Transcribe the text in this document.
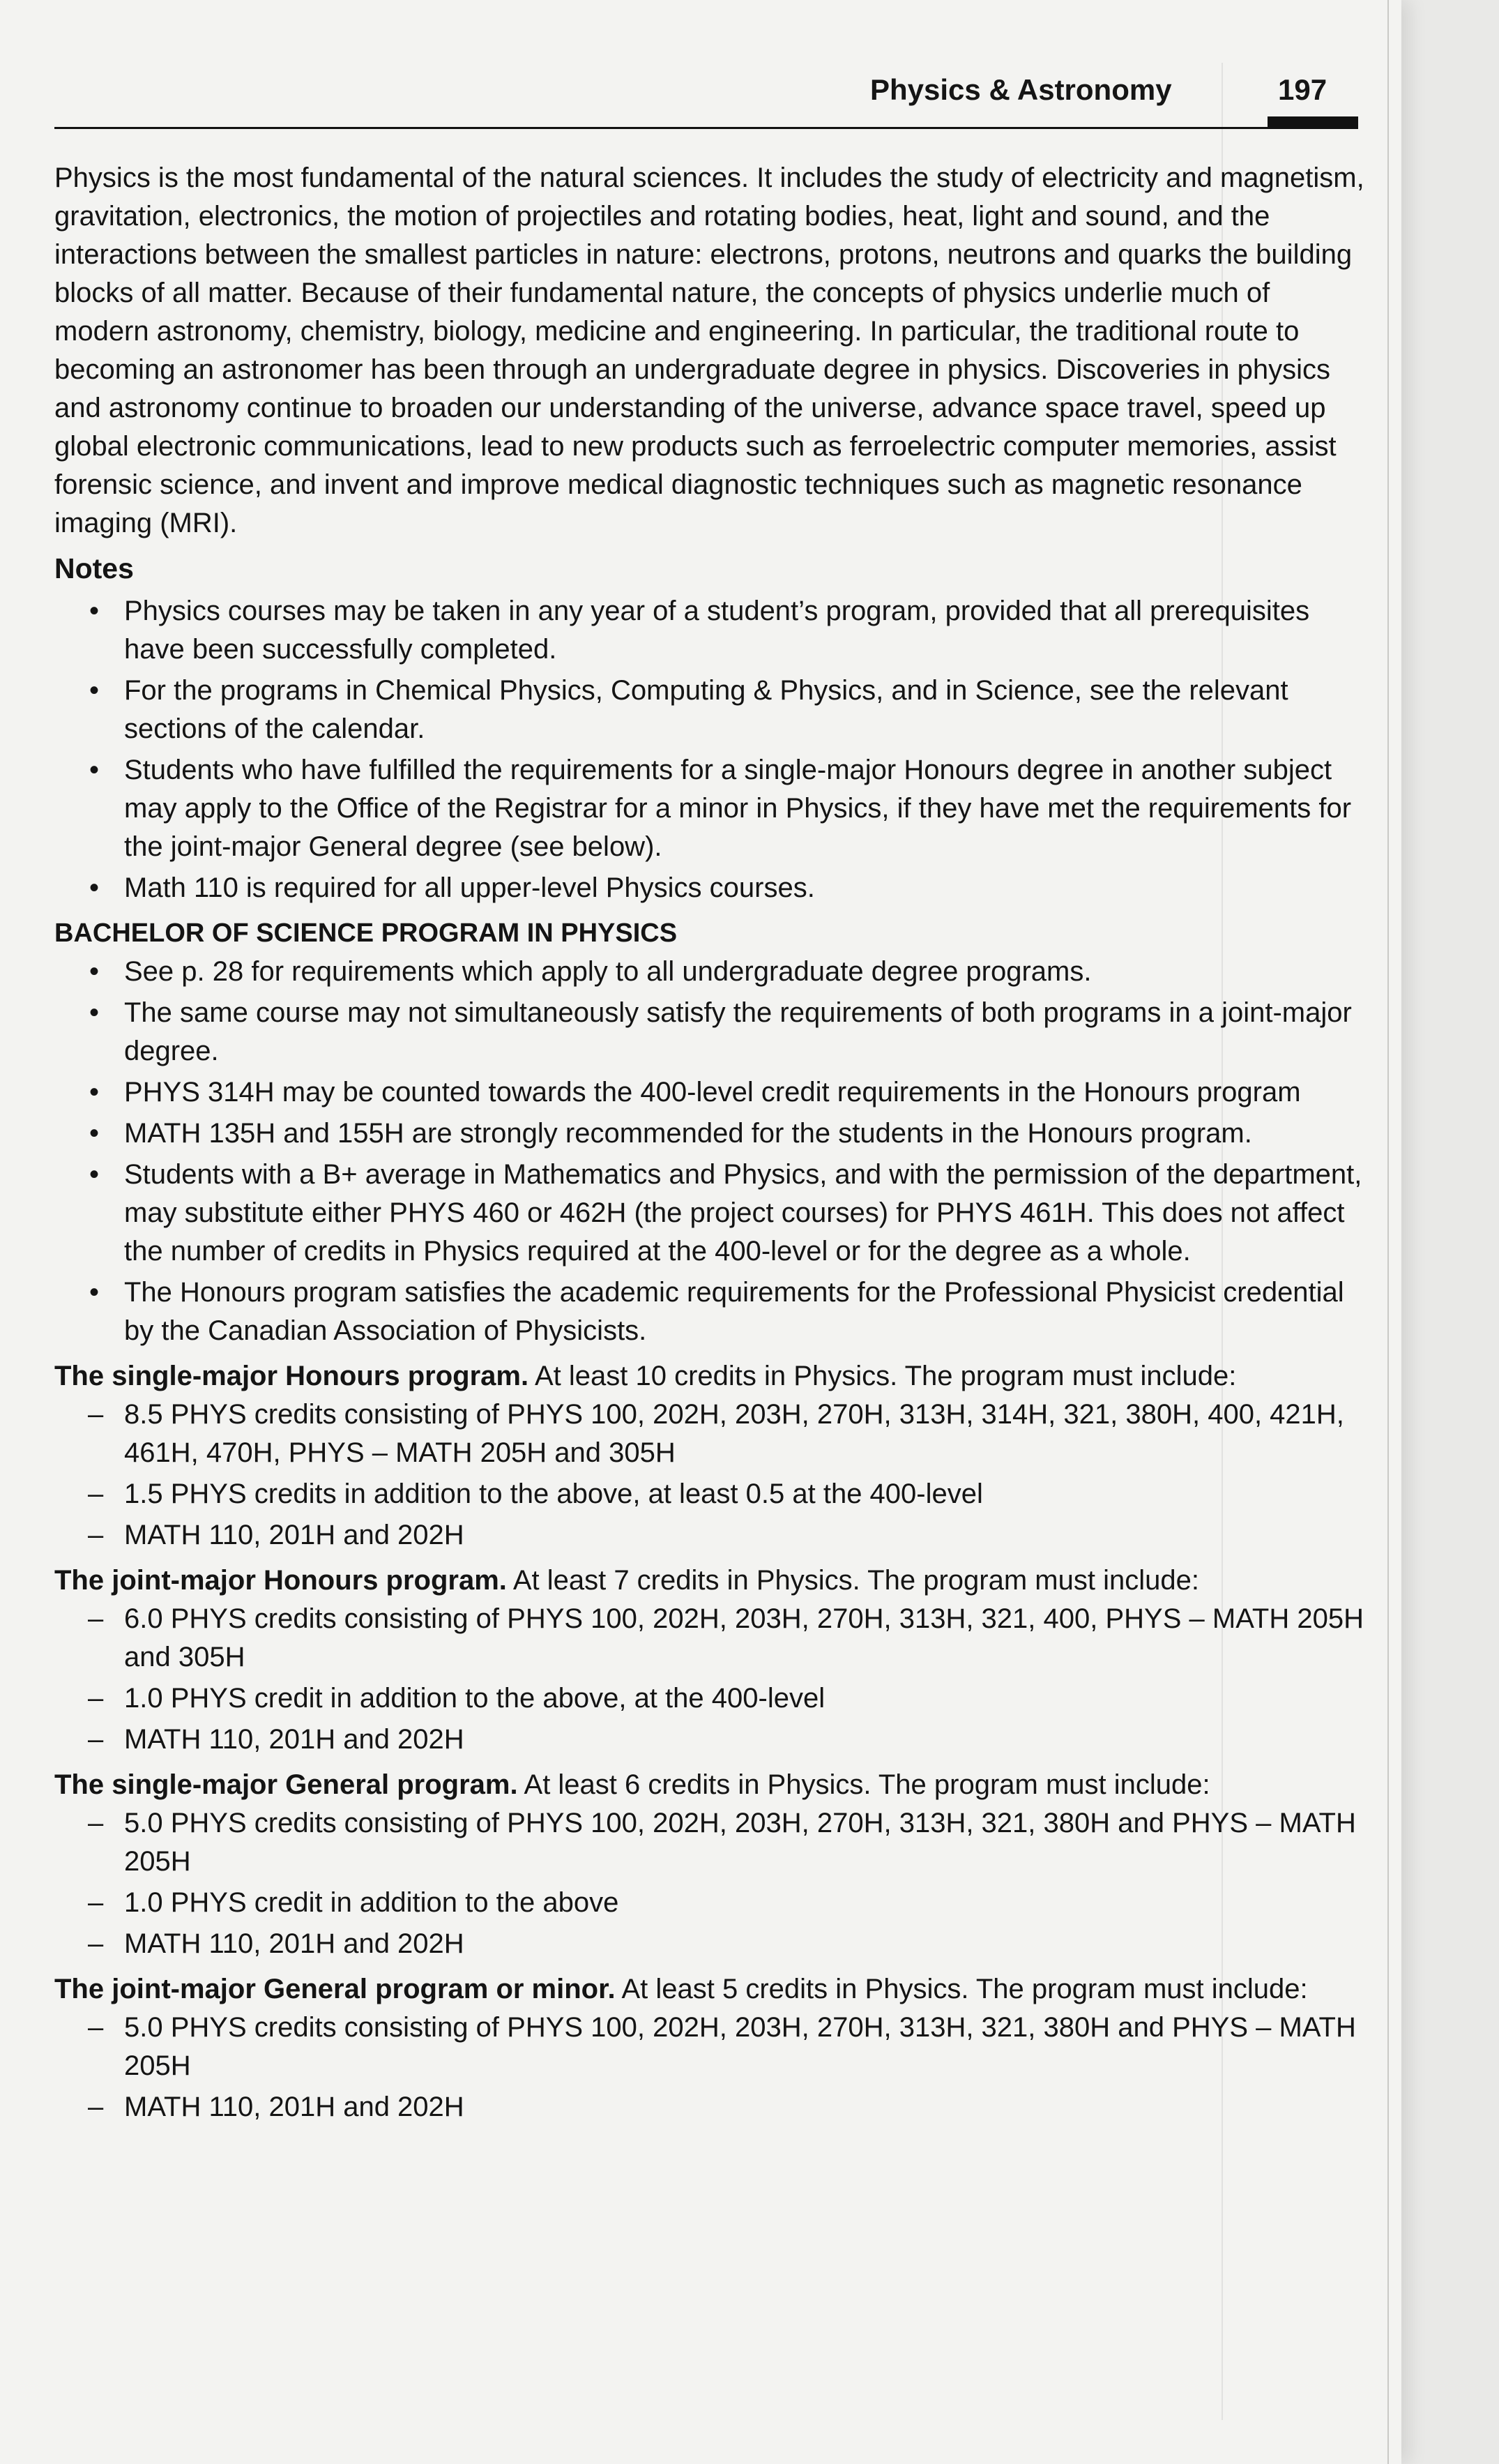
Physics & Astronomy	197

Physics is the most fundamental of the natural sciences. It includes the study of electricity and magnetism, gravitation, electronics, the motion of projectiles and rotating bodies, heat, light and sound, and the interactions between the smallest particles in nature: electrons, protons, neutrons and quarks the building blocks of all matter. Because of their fundamental nature, the concepts of physics underlie much of modern astronomy, chemistry, biology, medicine and engineering. In particular, the traditional route to becoming an astronomer has been through an undergraduate degree in physics. Discoveries in physics and astronomy continue to broaden our understanding of the universe, advance space travel, speed up global electronic communications, lead to new products such as ferroelectric computer memories, assist forensic science, and invent and improve medical diagnostic techniques such as magnetic resonance imaging (MRI).

Notes
• Physics courses may be taken in any year of a student’s program, provided that all prerequisites have been successfully completed.
• For the programs in Chemical Physics, Computing & Physics, and in Science, see the relevant sections of the calendar.
• Students who have fulfilled the requirements for a single-major Honours degree in another subject may apply to the Office of the Registrar for a minor in Physics, if they have met the requirements for the joint-major General degree (see below).
• Math 110 is required for all upper-level Physics courses.
BACHELOR OF SCIENCE PROGRAM IN PHYSICS
• See p. 28 for requirements which apply to all undergraduate degree programs.
• The same course may not simultaneously satisfy the requirements of both programs in a joint-major degree.
• PHYS 314H may be counted towards the 400-level credit requirements in the Honours program
• MATH 135H and 155H are strongly recommended for the students in the Honours program.
• Students with a B+ average in Mathematics and Physics, and with the permission of the department, may substitute either PHYS 460 or 462H (the project courses) for PHYS 461H. This does not affect the number of credits in Physics required at the 400-level or for the degree as a whole.
• The Honours program satisfies the academic requirements for the Professional Physicist credential by the Canadian Association of Physicists.

The single-major Honours program. At least 10 credits in Physics. The program must include:

– 8.5 PHYS credits consisting of PHYS 100, 202H, 203H, 270H, 313H, 314H, 321, 380H, 400, 421H, 461H, 470H, PHYS – MATH 205H and 305H
– 1.5 PHYS credits in addition to the above, at least 0.5 at the 400-level
– MATH 110, 201H and 202H

The joint-major Honours program. At least 7 credits in Physics. The program must include:

– 6.0 PHYS credits consisting of PHYS 100, 202H, 203H, 270H, 313H, 321, 400, PHYS – MATH 205H and 305H
– 1.0 PHYS credit in addition to the above, at the 400-level
– MATH 110, 201H and 202H

The single-major General program. At least 6 credits in Physics. The program must include:

– 5.0 PHYS credits consisting of PHYS 100, 202H, 203H, 270H, 313H, 321, 380H and PHYS – MATH 205H
– 1.0 PHYS credit in addition to the above
– MATH 110, 201H and 202H

The joint-major General program or minor. At least 5 credits in Physics. The program must include:

– 5.0 PHYS credits consisting of PHYS 100, 202H, 203H, 270H, 313H, 321, 380H and PHYS – MATH 205H
– MATH 110, 201H and 202H
